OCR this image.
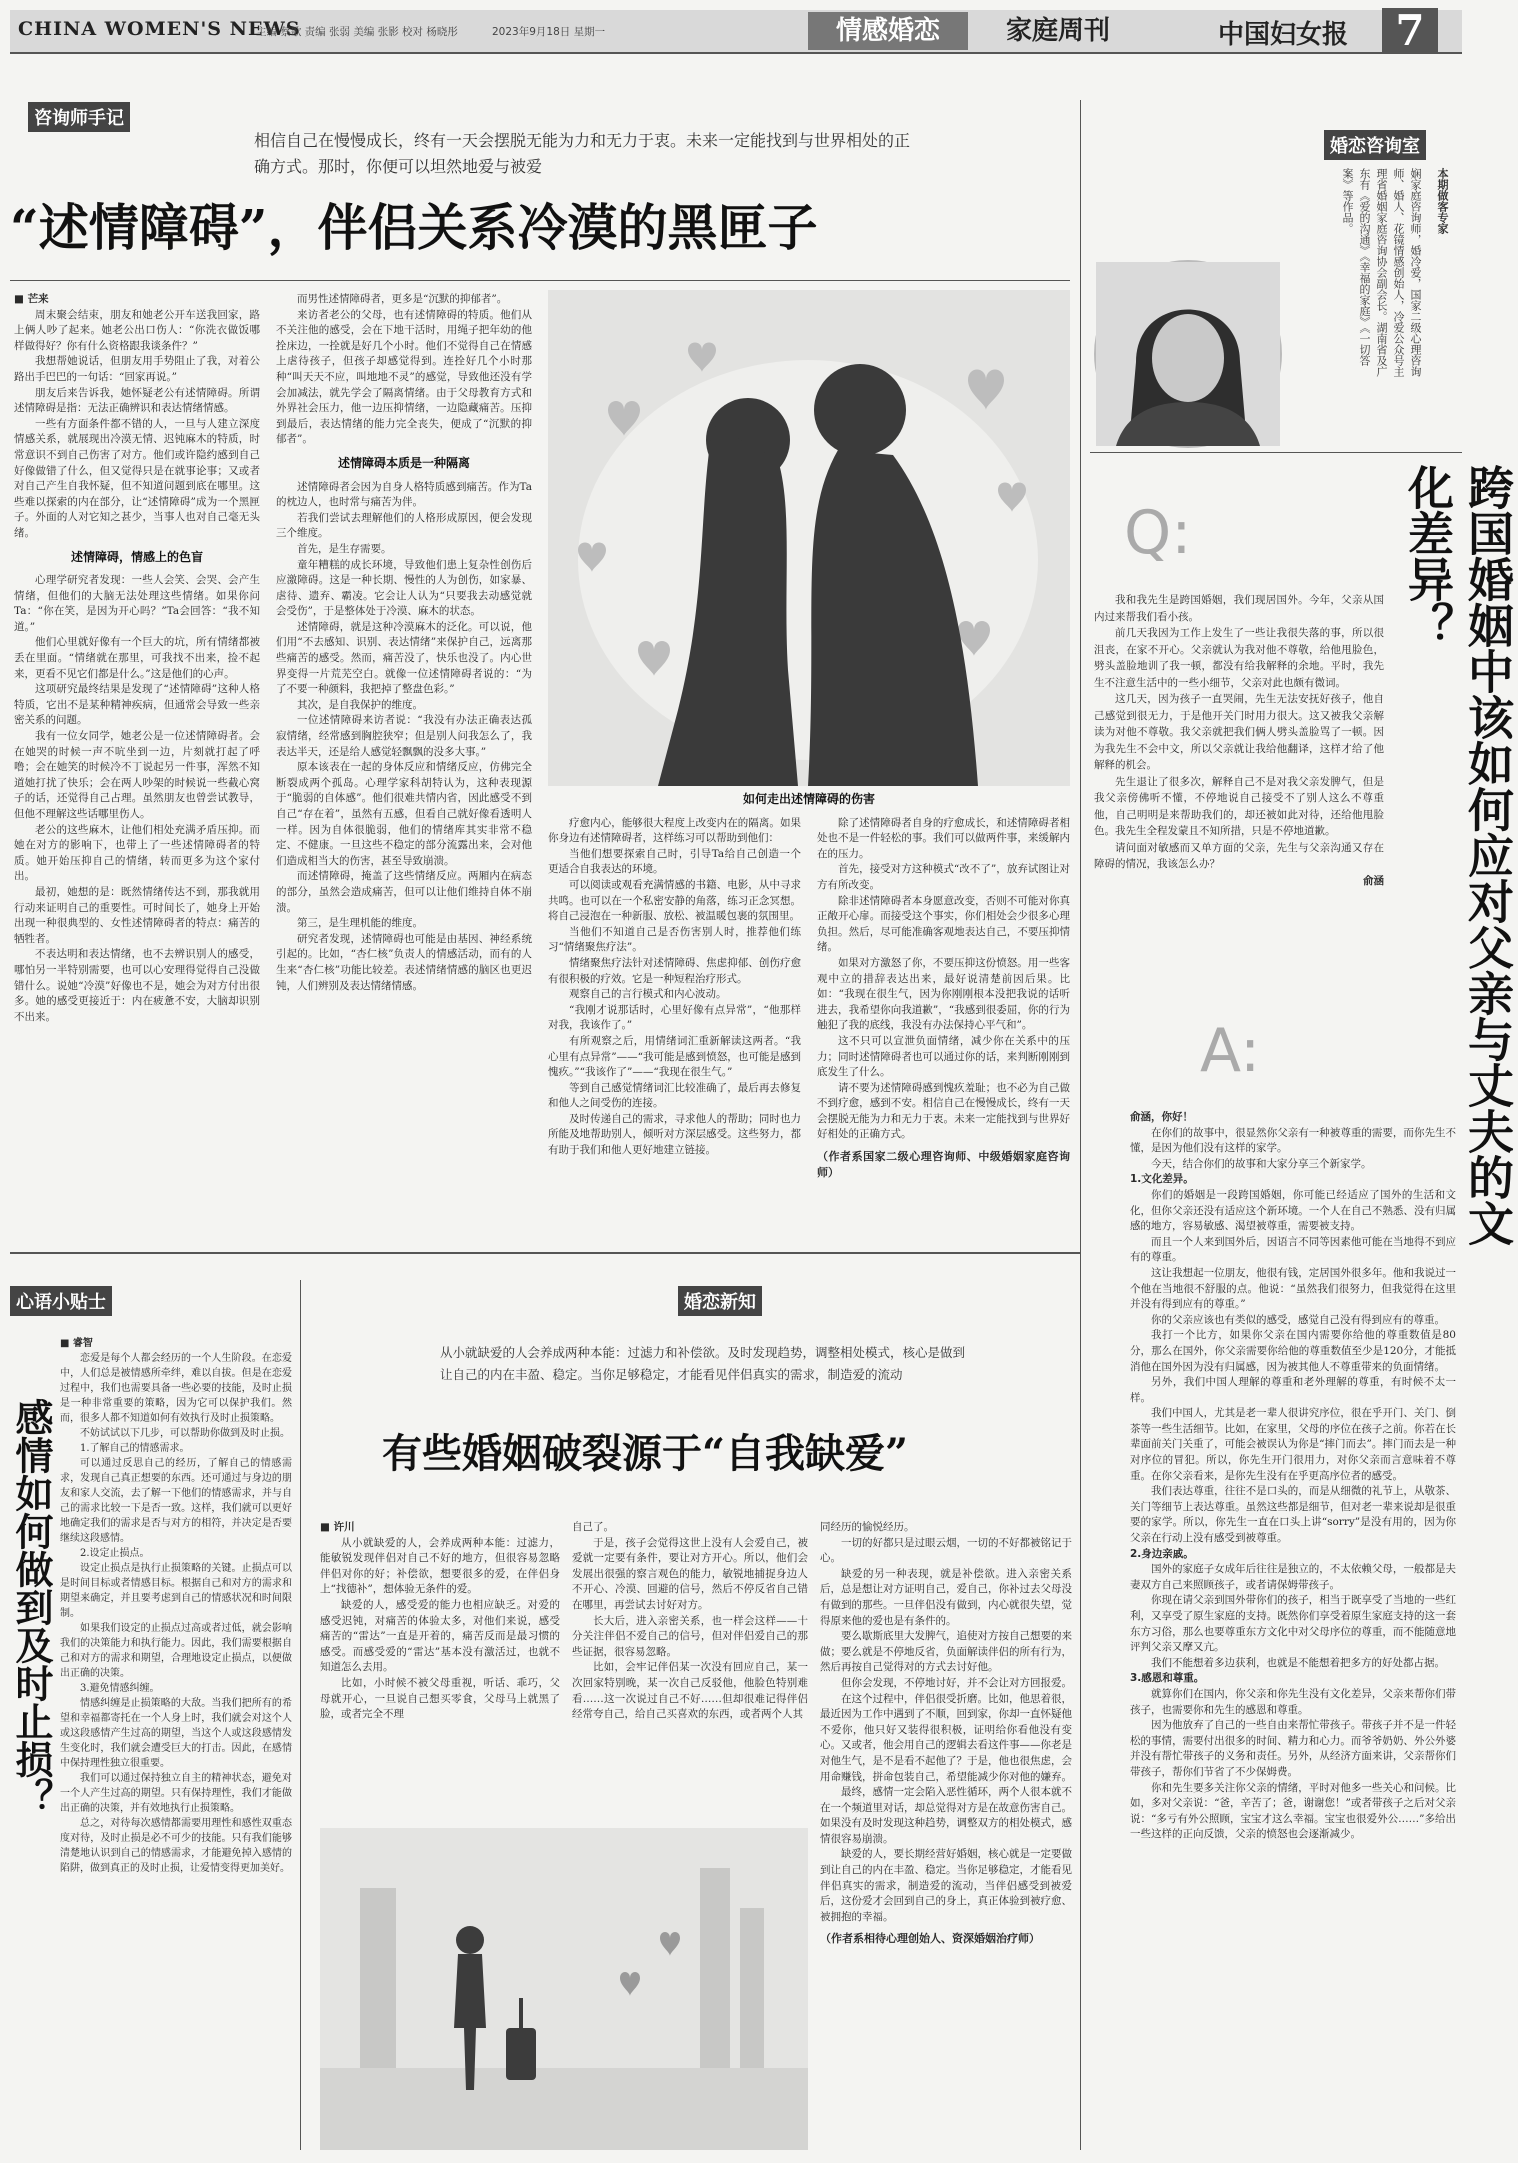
CHINA WOMEN'S NEWS
主编 蔡歌 责编 张弱 美编 张影 校对 杨晓彤	2023年9月18日 星期一	情感婚恋	家庭周刊	中国妇女报	7
咨询师手记
相信自己在慢慢成长，终有一天会摆脱无能为力和无力于衷。未来一定能找到与世界相处的正确方式。那时，你便可以坦然地爱与被爱
“述情障碍”，伴侣关系冷漠的黑匣子

■ 芒来

周末聚会结束，朋友和她老公开车送我回家，路上俩人吵了起来。她老公出口伤人：“你洗衣做饭哪样做得好？你有什么资格跟我谈条件？”

我想帮她说话，但朋友用手势阻止了我，对着公路出手巴巴的一句话：“回家再说。”

朋友后来告诉我，她怀疑老公有述情障碍。所谓述情障碍是指：无法正确辨识和表达情绪情感。

一些有方面条件都不错的人，一旦与人建立深度情感关系，就展现出冷漠无情、迟钝麻木的特质，时常意识不到自己伤害了对方。他们或许隐约感到自己好像做错了什么，但又觉得只是在就事论事；又或者对自己产生自我怀疑，但不知道问题到底在哪里。这些难以探索的内在部分，让“述情障碍”成为一个黑匣子。外面的人对它知之甚少，当事人也对自己毫无头绪。

述情障碍，情感上的色盲

心理学研究者发现：一些人会笑、会哭、会产生情绪，但他们的大脑无法处理这些情绪。如果你问Ta：“你在笑，是因为开心吗？”Ta会回答：“我不知道。”

他们心里就好像有一个巨大的坑，所有情绪都被丢在里面。“情绪就在那里，可我找不出来，捡不起来，更看不见它们都是什么。”这是他们的心声。

这项研究最终结果是发现了“述情障碍”这种人格特质，它出不是某种精神疾病，但通常会导致一些亲密关系的问题。

我有一位女同学，她老公是一位述情障碍者。会在她哭的时候一声不吭坐到一边，片刻就打起了呼噜；会在她笑的时候冷不丁说起另一件事，浑然不知道她打扰了快乐；会在两人吵架的时候说一些截心窝子的话，还觉得自己占理。虽然朋友也曾尝试教导，但他不理解这些话哪里伤人。

老公的这些麻木，让他们相处充满矛盾压抑。而她在对方的影响下，也带上了一些述情障碍者的特质。她开始压抑自己的情绪，转而更多为这个家付出。

最初，她想的是：既然情绪传达不到，那我就用行动来证明自己的重要性。可时间长了，她身上开始出现一种很典型的、女性述情障碍者的特点：痛苦的牺牲者。

不表达明和表达情绪，也不去辨识别人的感受，哪怕另一半特别需要，也可以心安理得觉得自己没做错什么。说她“冷漠”好像也不是，她会为对方付出很多。她的感受更接近于：内在疲惫不安，大脑却识别不出来。

而男性述情障碍者，更多是“沉默的抑郁者”。

来访者老公的父母，也有述情障碍的特质。他们从不关注他的感受，会在下地干活时，用绳子把年幼的他拴床边，一拴就是好几个小时。他们不觉得自己在情感上虐待孩子，但孩子却感觉得到。连拴好几个小时那种“叫天天不应，叫地地不灵”的感觉，导致他还没有学会加减法，就先学会了隔离情绪。由于父母教育方式和外界社会压力，他一边压抑情绪，一边隐藏痛苦。压抑到最后，表达情绪的能力完全丧失，便成了“沉默的抑郁者”。

述情障碍本质是一种隔离

述情障碍者会因为自身人格特质感到痛苦。作为Ta的枕边人，也时常与痛苦为伴。

若我们尝试去理解他们的人格形成原因，便会发现三个维度。

首先，是生存需要。

童年糟糕的成长环境，导致他们患上复杂性创伤后应激障碍。这是一种长期、慢性的人为创伤，如家暴、虐待、遗弃、霸凌。它会让人认为“只要我去动感觉就会受伤”，于是整体处于冷漠、麻木的状态。

述情障碍，就是这种冷漠麻木的泛化。可以说，他们用“不去感知、识别、表达情绪”来保护自己，远离那些痛苦的感受。然而，痛苦没了，快乐也没了。内心世界变得一片荒芜空白。就像一位述情障碍者说的：“为了不要一种颜料，我把掉了整盘色彩。”

其次，是自我保护的维度。

一位述情障碍来访者说：“我没有办法正确表达孤寂情绪，经常感到胸腔狭窄；但是别人问我怎么了，我表达半天，还是给人感觉轻飘飘的没多大事。”

原本该表在一起的身体反应和情绪反应，仿佛完全断裂成两个孤岛。心理学家科胡特认为，这种表现源于“脆弱的自体感”。他们很难共情内省，因此感受不到自己“存在着”，虽然有五感，但看自己就好像看透明人一样。因为自体很脆弱，他们的情绪库其实非常不稳定、不健康。一旦这些不稳定的部分流露出来，会对他们造成相当大的伤害，甚至导致崩溃。

而述情障碍，掩盖了这些情绪反应。两厢内在病态的部分，虽然会造成痛苦，但可以让他们维持自体不崩溃。

第三，是生理机能的维度。

研究者发现，述情障碍也可能是由基因、神经系统引起的。比如，“杏仁核”负责人的情感活动，而有的人生来“杏仁核”功能比较差。表述情绪情感的脑区也更迟钝，人们辨别及表达情绪情感。

如何走出述情障碍的伤害

疗愈内心，能够很大程度上改变内在的隔离。如果你身边有述情障碍者，这样练习可以帮助到他们：

当他们想要探索自己时，引导Ta给自己创造一个更适合自我表达的环境。

可以阅读或观看充满情感的书籍、电影，从中寻求共鸣。也可以在一个私密安静的角落，练习正念冥想。将自己浸泡在一种新服、放松、被温暖包裹的氛围里。

当他们不知道自己是否伤害别人时，推荐他们练习“情绪聚焦疗法”。

情绪聚焦疗法针对述情障碍、焦虑抑郁、创伤疗愈有很积极的疗效。它是一种短程治疗形式。

观察自己的言行模式和内心波动。

“我刚才说那话时，心里好像有点异常”，“他那样对我，我该作了。”

有所观察之后，用情绪词汇重新解读这两者。“我心里有点异常”——“我可能是感到愤怒，也可能是感到愧疚。”“我该作了”——“我现在很生气。”

等到自己感觉情绪词汇比较准确了，最后再去修复和他人之间受伤的连接。

及时传递自己的需求，寻求他人的帮助；同时也力所能及地帮助别人，倾听对方深层感受。这些努力，都有助于我们和他人更好地建立链接。

除了述情障碍者自身的疗愈成长，和述情障碍者相处也不是一件轻松的事。我们可以做两件事，来缓解内在的压力。

首先，接受对方这种模式“改不了”，放弃试图让对方有所改变。

除非述情障碍者本身愿意改变，否则不可能对你真正敞开心扉。而接受这个事实，你们相处会少很多心理负担。然后，尽可能准确客观地表达自己，不要压抑情绪。

如果对方激怒了你，不要压抑这份愤怒。用一些客观中立的措辞表达出来，最好说清楚前因后果。比如：“我现在很生气，因为你刚刚根本没把我说的话听进去，我希望你向我道歉”，“我感到很委屈，你的行为触犯了我的底线，我没有办法保持心平气和”。

这不只可以宣泄负面情绪，减少你在关系中的压力；同时述情障碍者也可以通过你的话，来判断刚刚到底发生了什么。

请不要为述情障碍感到愧疚羞耻；也不必为自己做不到疗愈，感到不安。相信自己在慢慢成长，终有一天会摆脱无能为力和无力于衷。未来一定能找到与世界好好相处的正确方式。

（作者系国家二级心理咨询师、中级婚姻家庭咨询师）

婚恋咨询室
本期做客专家
娴家庭咨询师，婚冷爱，国家二级心理咨询师、婚人、花镜情感创始人，冷爱公众号主理省婚姻家庭咨询协会副会长。湖南省及广东有《爱的沟通》《幸福的家庭》《一切答案》等作品。
跨国婚姻中该如何应对父亲与丈夫的文化差异？
Q:

我和我先生是跨国婚姻，我们现居国外。今年，父亲从国内过来帮我们看小孩。

前几天我因为工作上发生了一些让我很失落的事，所以很沮丧，在家不开心。父亲就认为我对他不尊敬，给他甩脸色，劈头盖脸地训了我一顿，都没有给我解释的余地。平时，我先生不注意生活中的一些小细节，父亲对此也颇有微词。

这几天，因为孩子一直哭闹，先生无法安抚好孩子，他自己感觉到很无力，于是他开关门时用力很大。这又被我父亲解读为对他不尊敬。我父亲就把我们俩人劈头盖脸骂了一顿。因为我先生不会中文，所以父亲就让我给他翻译，这样才给了他解释的机会。

先生退让了很多次，解释自己不是对我父亲发脾气，但是我父亲傍佛听不懂，不停地说自己接受不了别人这么不尊重他，自己明明是来帮助我们的，却还被如此对待，还给他甩脸色。我先生全程发蒙且不知所措，只是不停地道歉。

请问面对敏感而又单方面的父亲，先生与父亲沟通又存在障碍的情况，我该怎么办？

俞涵

A:

俞涵，你好！

在你们的故事中，很显然你父亲有一种被尊重的需要，而你先生不懂，是因为他们没有这样的家学。

今天，结合你们的故事和大家分享三个新家学。

1.文化差异。

你们的婚姻是一段跨国婚姻，你可能已经适应了国外的生活和文化，但你父亲还没有适应这个新环境。一个人在自己不熟悉、没有归属感的地方，容易敏感、渴望被尊重，需要被支持。

而且一个人来到国外后，因语言不同等因素他可能在当地得不到应有的尊重。

这让我想起一位朋友，他很有钱，定居国外很多年。他和我说过一个他在当地很不舒服的点。他说：“虽然我们很努力，但我觉得在这里并没有得到应有的尊重。”

你的父亲应该也有类似的感受，感觉自己没有得到应有的尊重。

我打一个比方，如果你父亲在国内需要你给他的尊重数值是80分，那么在国外，你父亲需要你给他的尊重数值至少是120分，才能抵消他在国外因为没有归属感，因为被其他人不尊重带来的负面情绪。

另外，我们中国人理解的尊重和老外理解的尊重，有时候不太一样。

我们中国人，尤其是老一辈人很讲究序位，很在乎开门、关门、倒茶等一些生活细节。比如，在家里，父母的序位在孩子之前。你若在长辈面前关门关重了，可能会被误认为你是“摔门而去”。摔门而去是一种对序位的冒犯。所以，你先生开门很用力，对你父亲而言意味着不尊重。在你父亲看来，是你先生没有在乎更高序位者的感受。

我们表达尊重，往往不是口头的，而是从细微的礼节上，从敬茶、关门等细节上表达尊重。虽然这些都是细节，但对老一辈来说却是很重要的家学。所以，你先生一直在口头上讲“sorry”是没有用的，因为你父亲在行动上没有感受到被尊重。

2.身边亲戚。

国外的家庭子女成年后往往是独立的，不太依赖父母，一般都是夫妻双方自己来照顾孩子，或者请保姆带孩子。

你现在请父亲到国外带你们的孩子，相当于既享受了当地的一些红利，又享受了原生家庭的支持。既然你们享受着原生家庭支持的这一套东方习俗，那么也要尊重东方文化中对父母序位的尊重，而不能随意地评判父亲又摩又亢。

我们不能想着多边获利，也就是不能想着把多方的好处都占据。

3.感恩和尊重。

就算你们在国内，你父亲和你先生没有文化差异，父亲来帮你们带孩子，也需要你和先生的感恩和尊重。

因为他放弃了自己的一些自由来帮忙带孩子。带孩子并不是一件轻松的事情，需要付出很多的时间、精力和心力。而爷爷奶奶、外公外婆并没有帮忙带孩子的义务和责任。另外，从经济方面来讲，父亲帮你们带孩子，帮你们节省了不少保姆费。

你和先生要多关注你父亲的情绪，平时对他多一些关心和问候。比如，多对父亲说：“爸，辛苦了；爸，谢谢您！”或者带孩子之后对父亲说：“多亏有外公照顾，宝宝才这么幸福。宝宝也很爱外公……”多给出一些这样的正向反馈，父亲的愤怒也会逐渐减少。

心语小贴士
感情如何做到及时止损？

■ 睿智

恋爱是每个人都会经历的一个人生阶段。在恋爱中，人们总是被情感所牵绊，难以自拔。但是在恋爱过程中，我们也需要具备一些必要的技能，及时止损是一种非常重要的策略，因为它可以保护我们。然而，很多人都不知道如何有效执行及时止损策略。

不妨试试以下几步，可以帮助你做到及时止损。

1.了解自己的情感需求。

可以通过反思自己的经历，了解自己的情感需求，发现自己真正想要的东西。还可通过与身边的朋友和家人交流，去了解一下他们的情感需求，并与自己的需求比较一下是否一致。这样，我们就可以更好地确定我们的需求是否与对方的相符，并决定是否要继续这段感情。

2.设定止损点。

设定止损点是执行止损策略的关键。止损点可以是时间目标或者情感目标。根据自己和对方的需求和期望来确定，并且要考虑到自己的情感状况和时间限制。

如果我们设定的止损点过高或者过低，就会影响我们的决策能力和执行能力。因此，我们需要根据自己和对方的需求和期望，合理地设定止损点，以便做出正确的决策。

3.避免情感纠缠。

情感纠缠是止损策略的大敌。当我们把所有的希望和幸福都寄托在一个人身上时，我们就会对这个人或这段感情产生过高的期望，当这个人或这段感情发生变化时，我们就会遭受巨大的打击。因此，在感情中保持理性独立很重要。

我们可以通过保持独立自主的精神状态，避免对一个人产生过高的期望。只有保持理性，我们才能做出正确的决策，并有效地执行止损策略。

总之，对待每次感情都需要用理性和感性双重态度对待，及时止损是必不可少的技能。只有我们能够清楚地认识到自己的情感需求，才能避免掉入感情的陷阱，做到真正的及时止损，让爱情变得更加美好。

婚恋新知
从小就缺爱的人会养成两种本能：过滤力和补偿欲。及时发现趋势，调整相处模式，核心是做到让自己的内在丰盈、稳定。当你足够稳定，才能看见伴侣真实的需求，制造爱的流动
有些婚姻破裂源于“自我缺爱”

■ 许川

从小就缺爱的人，会养成两种本能：过滤力，能敏锐发现伴侣对自己不好的地方，但很容易忽略伴侣对你的好；补偿欲，想要很多的爱，在伴侣身上“找德补”，想体验无条件的爱。

缺爱的人，感受爱的能力也相应缺乏。对爱的感受迟钝，对痛苦的体验太多，对他们来说，感受痛苦的“雷达”一直是开着的，痛苦反而是最习惯的感受。而感受爱的“雷达”基本没有激活过，也就不知道怎么去用。

比如，小时候不被父母重视，听话、乖巧，父母就开心，一旦说自己想买零食，父母马上就黑了脸，或者完全不理

自己了。

于是，孩子会觉得这世上没有人会爱自己，被爱就一定要有条件，要让对方开心。所以，他们会发展出很强的察言观色的能力，敏锐地捕捉身边人不开心、冷漠、回避的信号，然后不停反省自己错在哪里，再尝试去讨好对方。

长大后，进入亲密关系，也一样会这样——十分关注伴侣不爱自己的信号，但对伴侣爱自己的那些证据，很容易忽略。

比如，会牢记伴侣某一次没有回应自己，某一次回家特别晚，某一次自己反驳他，他脸色特别难看……这一次说过自己不好……但却很难记得伴侣经常夸自己，给自己买喜欢的东西，或者两个人其

同经历的愉悦经历。

一切的好都只是过眼云烟，一切的不好都被铭记于心。

缺爱的另一种表现，就是补偿欲。进入亲密关系后，总是想让对方证明自己，爱自己，你补过去父母没有做到的那些。一旦伴侣没有做到，内心就很失望，觉得原来他的爱也是有条件的。

要么歇斯底里大发脾气，追使对方按自己想要的来做；要么就是不停地反省，负面解读伴侣的所有行为，然后再按自己觉得对的方式去讨好他。

但你会发现，不停地讨好，并不会让对方回报爱。

在这个过程中，伴侣很受折磨。比如，他思着很，最近因为工作中遇到了不顺，回到家，你却一直怀疑他不爱你，他只好又装得很积极，证明给你看他没有变心。又或者，他会用自己的逻辑去看这件事——你老是对他生气，是不是看不起他了？于是，他也很焦虑，会用命赚钱，拼命包装自己，希望能减少你对他的嫌弃。

最终，感情一定会陷入恶性循环，两个人很本就不在一个频道里对话，却总觉得对方是在故意伤害自己。如果没有及时发现这种趋势，调整双方的相处模式，感情很容易崩溃。

缺爱的人，要长期经营好婚姻，核心就是一定要做到让自己的内在丰盈、稳定。当你足够稳定，才能看见伴侣真实的需求，制造爱的流动，当伴侣感受到被爱后，这份爱才会回到自己的身上，真正体验到被疗愈、被拥抱的幸福。

（作者系相待心理创始人、资深婚姻治疗师）
